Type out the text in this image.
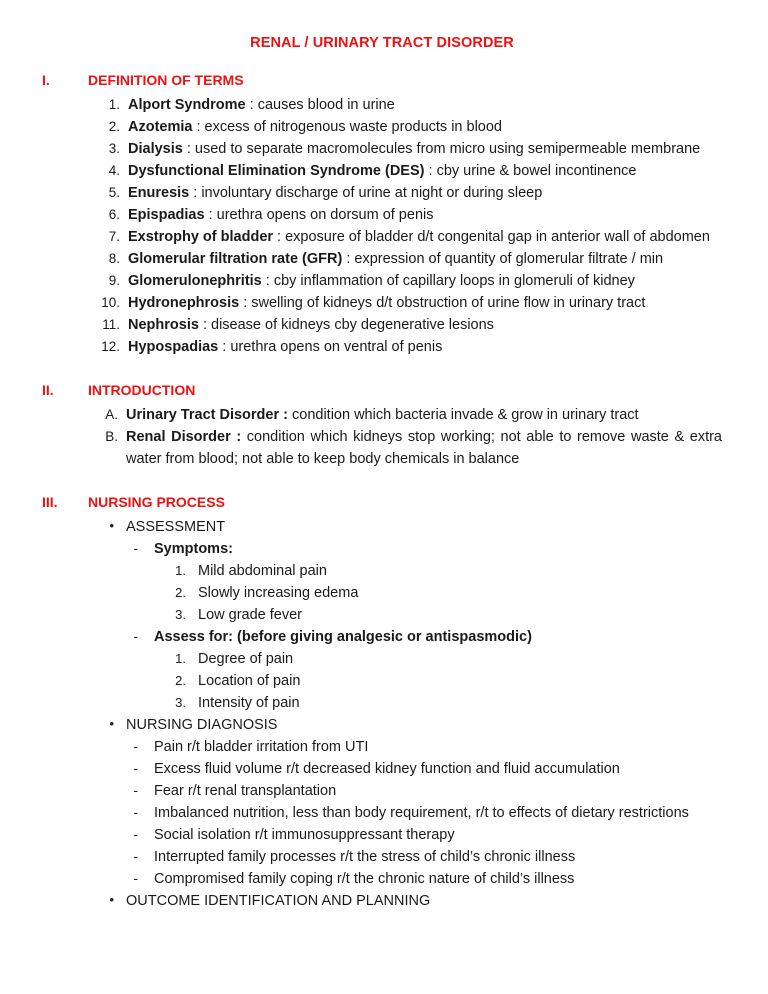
RENAL / URINARY TRACT DISORDER
I.	DEFINITION OF TERMS
1. Alport Syndrome : causes blood in urine
2. Azotemia : excess of nitrogenous waste products in blood
3. Dialysis : used to separate macromolecules from micro using semipermeable membrane
4. Dysfunctional Elimination Syndrome (DES) : cby urine & bowel incontinence
5. Enuresis : involuntary discharge of urine at night or during sleep
6. Epispadias : urethra opens on dorsum of penis
7. Exstrophy of bladder : exposure of bladder d/t congenital gap in anterior wall of abdomen
8. Glomerular filtration rate (GFR) : expression of quantity of glomerular filtrate / min
9. Glomerulonephritis : cby inflammation of capillary loops in glomeruli of kidney
10. Hydronephrosis : swelling of kidneys d/t obstruction of urine flow in urinary tract
11. Nephrosis : disease of kidneys cby degenerative lesions
12. Hypospadias : urethra opens on ventral of penis
II.	INTRODUCTION
A. Urinary Tract Disorder : condition which bacteria invade & grow in urinary tract
B. Renal Disorder : condition which kidneys stop working; not able to remove waste & extra water from blood; not able to keep body chemicals in balance
III.	NURSING PROCESS
• ASSESSMENT
- Symptoms:
1. Mild abdominal pain
2. Slowly increasing edema
3. Low grade fever
- Assess for: (before giving analgesic or antispasmodic)
1. Degree of pain
2. Location of pain
3. Intensity of pain
• NURSING DIAGNOSIS
- Pain r/t bladder irritation from UTI
- Excess fluid volume r/t decreased kidney function and fluid accumulation
- Fear r/t renal transplantation
- Imbalanced nutrition, less than body requirement, r/t to effects of dietary restrictions
- Social isolation r/t immunosuppressant therapy
- Interrupted family processes r/t the stress of child’s chronic illness
- Compromised family coping r/t the chronic nature of child’s illness
• OUTCOME IDENTIFICATION AND PLANNING
